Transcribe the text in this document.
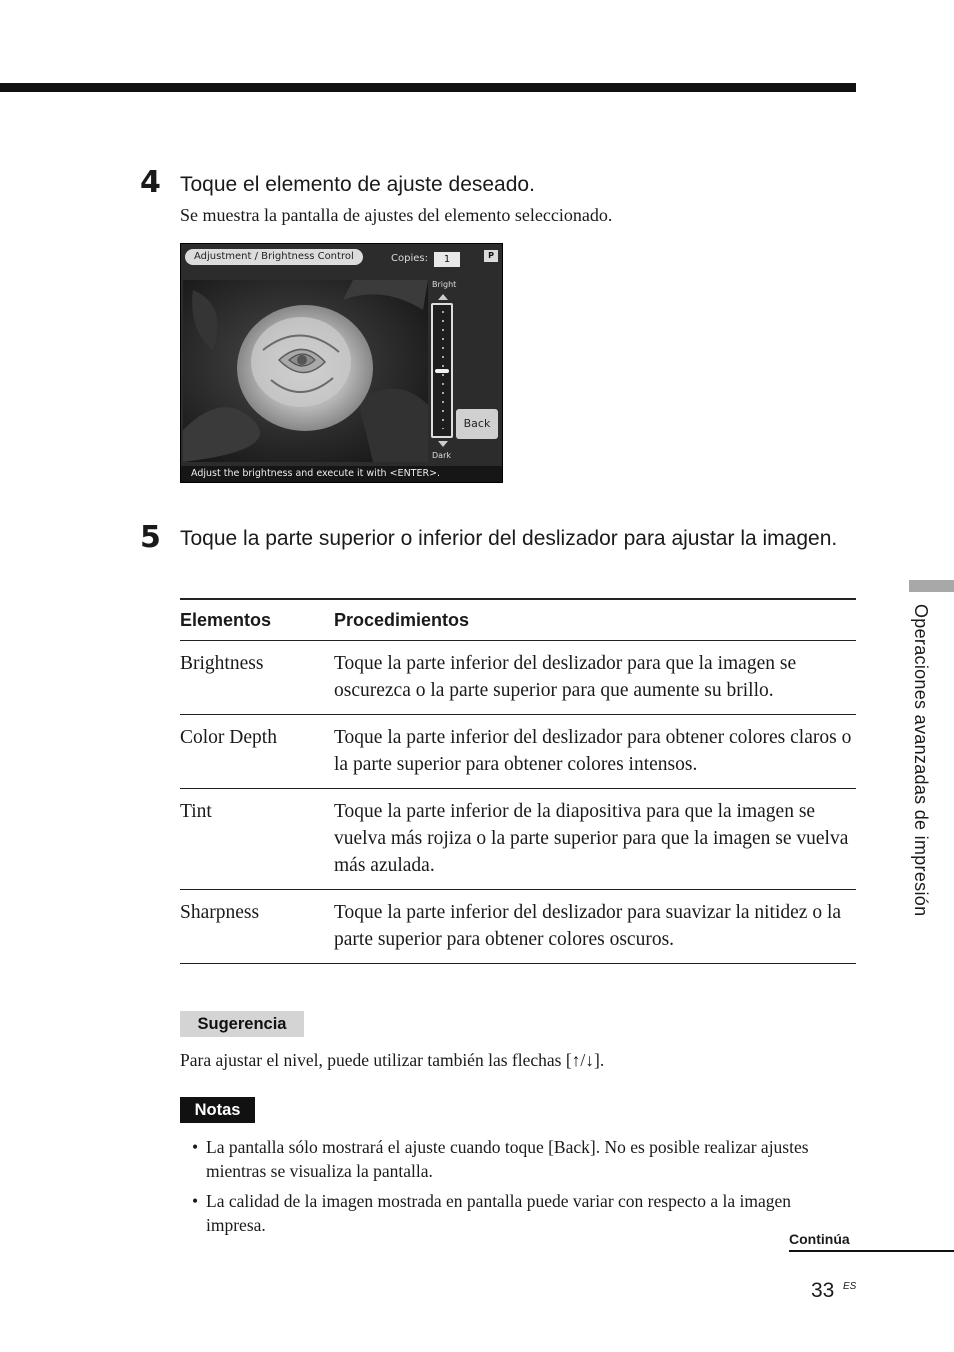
4 Toque el elemento de ajuste deseado.
Se muestra la pantalla de ajustes del elemento seleccionado.
Adjustment / Brightness Control	Copies:	1	P
Bright
Dark
Back
Adjust the brightness and execute it with <ENTER>.
5 Toque la parte superior o inferior del deslizador para ajustar la imagen.
Elementos	Procedimientos
Brightness	Toque la parte inferior del deslizador para que la imagen se oscurezca o la parte superior para que aumente su brillo.
Color Depth	Toque la parte inferior del deslizador para obtener colores claros o la parte superior para obtener colores intensos.
Tint	Toque la parte inferior de la diapositiva para que la imagen se vuelva más rojiza o la parte superior para que la imagen se vuelva más azulada.
Sharpness	Toque la parte inferior del deslizador para suavizar la nitidez o la parte superior para obtener colores oscuros.
Sugerencia
Para ajustar el nivel, puede utilizar también las flechas [↑/↓].
Notas
• La pantalla sólo mostrará el ajuste cuando toque [Back]. No es posible realizar ajustes mientras se visualiza la pantalla.
• La calidad de la imagen mostrada en pantalla puede variar con respecto a la imagen impresa.
Continúa
33 ES
Operaciones avanzadas de impresión
